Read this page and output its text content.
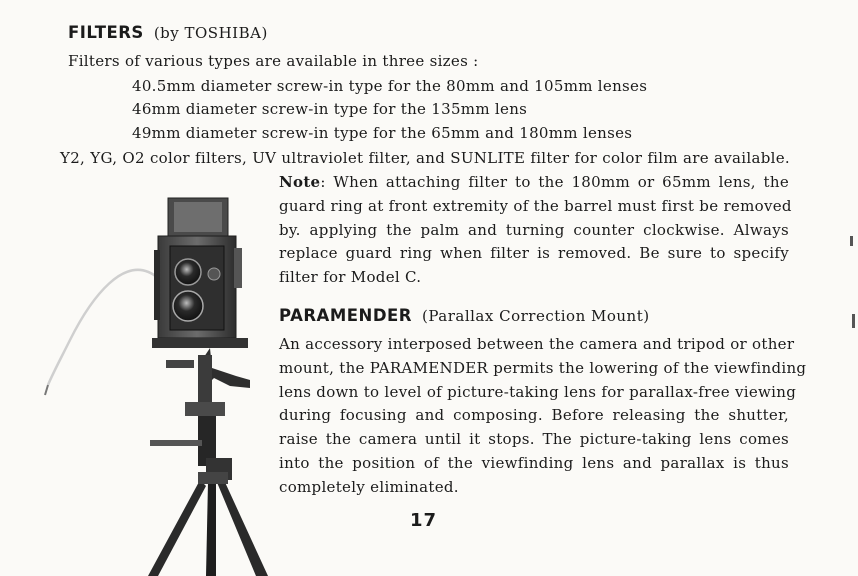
FILTERS (by TOSHIBA)
Filters of various types are available in three sizes :
40.5mm diameter screw-in type for the 80mm and 105mm lenses
46mm diameter screw-in type for the 135mm lens
49mm diameter screw-in type for the 65mm and 180mm lenses
Y2, YG, O2 color filters, UV ultraviolet filter, and SUNLITE filter for color film are available.
Note: When attaching filter to the 180mm or 65mm lens, the
guard ring at front extremity of the barrel must first be removed
by. applying the palm and turning counter clockwise. Always
replace guard ring when filter is removed. Be sure to specify
filter for Model C.
PARAMENDER (Parallax Correction Mount)
An accessory interposed between the camera and tripod or other
mount, the PARAMENDER permits the lowering of the viewfinding
lens down to level of picture-taking lens for parallax-free viewing
during focusing and composing. Before releasing the shutter,
raise the camera until it stops. The picture-taking lens comes
into the position of the viewfinding lens and parallax is thus
completely eliminated.
17
